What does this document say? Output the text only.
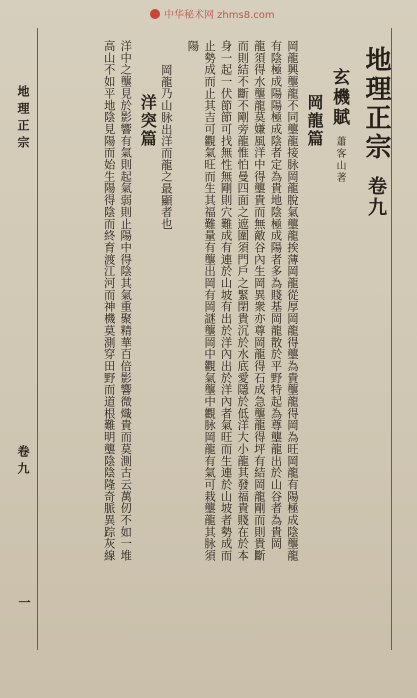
中华秘术网 zhms8.com
地理正宗
卷九
一
地理正宗卷九
玄機賦蕭客山著
岡龍篇
岡龍興壟龍不同壟龍接脉岡龍脫氣壟龍挨薄岡龍從厚岡龍得壟為貴壟龍得岡為旺岡龍有陽極成陰壟龍
有陰極成陽陽極成陰者定為貴地陰極成陽者多為賤基岡龍散於平野特起為尊壟龍出於山谷者為貴岡
龍須得水壟龍莫嫌風洋中得壟貴而無敵谷內生岡異衆亦尊岡龍得石成急壟龍得坪有結岡龍剛而則貴斷
而則結不斷不剛旁龍惟怕曼四面之遮圍須門戶之緊閉貴沉於水底愛隱於低洋大小龍其發福貴賤在於本
身一起一伏節節可找無性無剛則穴難成有連於山坡有出於洋內出於洋內者氣旺而生連於山坡者勢成而
止勢成而止其吉可觀氣旺而生其福難量有壟出岡有岡謎壟岡中觀氣壟中觀脉岡龍有氣可栽壟龍其脉須
陽
岡龍乃山脉出洋而龍之最顯者也
洋突篇
洋中之壟見於影響有氣則起氣弱則止陽中得陰其氣重聚精華百倍影響微熾貴而莫測古云萬仞不如一堆
高山不如平地陰見陽而始生陽得陰而終育渡江河而神機莫測穿田野而道根難明壟陰陰隆奇脈異踪灰線
